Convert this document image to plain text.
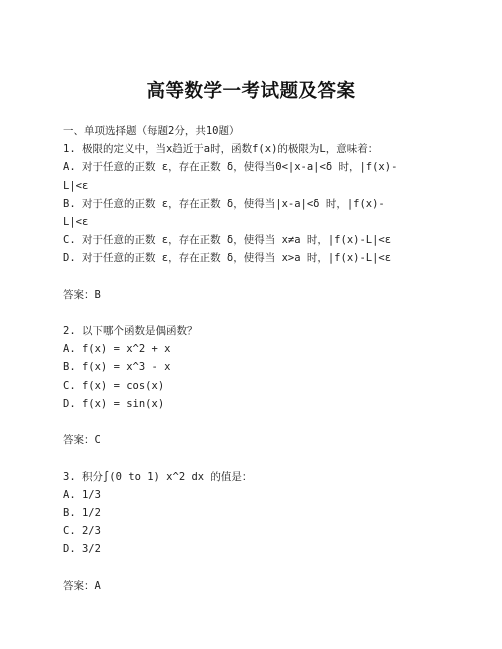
高等数学一考试题及答案
一、单项选择题（每题2分，共10题）
1. 极限的定义中，当x趋近于a时，函数f(x)的极限为L，意味着：
A. 对于任意的正数 ε，存在正数 δ，使得当0<|x-a|<δ 时，|f(x)-
L|<ε
B. 对于任意的正数 ε，存在正数 δ，使得当|x-a|<δ 时，|f(x)-
L|<ε
C. 对于任意的正数 ε，存在正数 δ，使得当 x≠a 时，|f(x)-L|<ε
D. 对于任意的正数 ε，存在正数 δ，使得当 x>a 时，|f(x)-L|<ε
答案：B
2. 以下哪个函数是偶函数？
A. f(x) = x^2 + x
B. f(x) = x^3 - x
C. f(x) = cos(x)
D. f(x) = sin(x)
答案：C
3. 积分∫(0 to 1) x^2 dx 的值是：
A. 1/3
B. 1/2
C. 2/3
D. 3/2
答案：A
